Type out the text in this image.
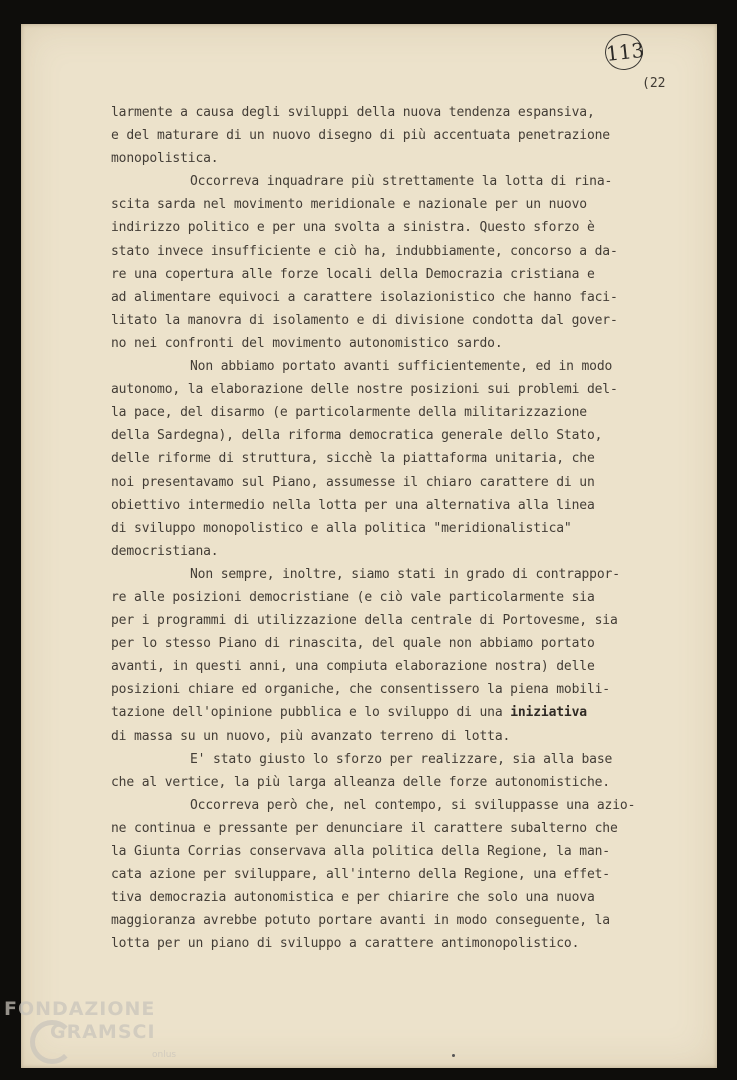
113
(22
larmente a causa degli sviluppi della nuova tendenza espansiva,
e del maturare di un nuovo disegno di più accentuata penetrazione
monopolistica.
Occorreva inquadrare più strettamente la lotta di rina-
scita sarda nel movimento meridionale e nazionale per un nuovo
indirizzo politico e per una svolta a sinistra. Questo sforzo è
stato invece insufficiente e ciò ha, indubbiamente, concorso a da-
re una copertura alle forze locali della Democrazia cristiana e
ad alimentare equivoci a carattere isolazionistico che hanno faci-
litato la manovra di isolamento e di divisione condotta dal gover-
no nei confronti del movimento autonomistico sardo.
Non abbiamo portato avanti sufficientemente, ed in modo
autonomo, la elaborazione delle nostre posizioni sui problemi del-
la pace, del disarmo (e particolarmente della militarizzazione
della Sardegna), della riforma democratica generale dello Stato,
delle riforme di struttura, sicchè la piattaforma unitaria, che
noi presentavamo sul Piano, assumesse il chiaro carattere di un
obiettivo intermedio nella lotta per una alternativa alla linea
di sviluppo monopolistico e alla politica "meridionalistica"
democristiana.
Non sempre, inoltre, siamo stati in grado di contrappor-
re alle posizioni democristiane (e ciò vale particolarmente sia
per i programmi di utilizzazione della centrale di Portovesme, sia
per lo stesso Piano di rinascita, del quale non abbiamo portato
avanti, in questi anni, una compiuta elaborazione nostra) delle
posizioni chiare ed organiche, che consentissero la piena mobili-
tazione dell'opinione pubblica e lo sviluppo di una iniziativa
di massa su un nuovo, più avanzato terreno di lotta.
E' stato giusto lo sforzo per realizzare, sia alla base
che al vertice, la più larga alleanza delle forze autonomistiche.
Occorreva però che, nel contempo, si sviluppasse una azio-
ne continua e pressante per denunciare il carattere subalterno che
la Giunta Corrias conservava alla politica della Regione, la man-
cata azione per sviluppare, all'interno della Regione, una effet-
tiva democrazia autonomistica e per chiarire che solo una nuova
maggioranza avrebbe potuto portare avanti in modo conseguente, la
lotta per un piano di sviluppo a carattere antimonopolistico.
FONDAZIONE
GRAMSCI
onlus
